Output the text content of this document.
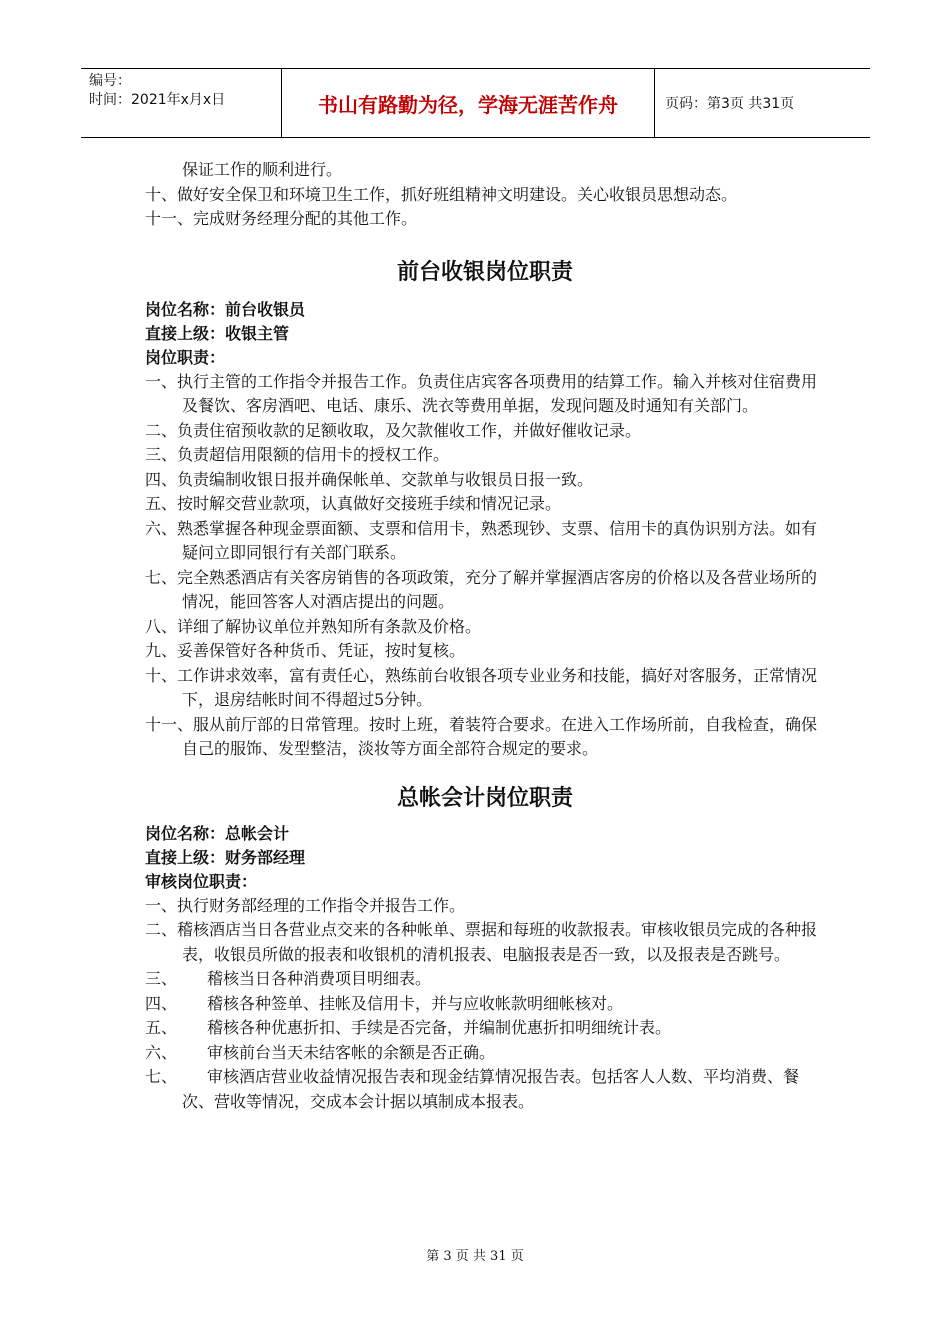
编号：
时间：2021年x月x日	书山有路勤为径，学海无涯苦作舟	页码：第3页 共31页

保证工作的顺利进行。

十、做好安全保卫和环境卫生工作，抓好班组精神文明建设。关心收银员思想动态。

十一、完成财务经理分配的其他工作。

前台收银岗位职责

岗位名称：前台收银员

直接上级：收银主管

岗位职责：

一、执行主管的工作指令并报告工作。负责住店宾客各项费用的结算工作。输入并核对住宿费用及餐饮、客房酒吧、电话、康乐、洗衣等费用单据，发现问题及时通知有关部门。

二、负责住宿预收款的足额收取，及欠款催收工作，并做好催收记录。

三、负责超信用限额的信用卡的授权工作。

四、负责编制收银日报并确保帐单、交款单与收银员日报一致。

五、按时解交营业款项，认真做好交接班手续和情况记录。

六、熟悉掌握各种现金票面额、支票和信用卡，熟悉现钞、支票、信用卡的真伪识别方法。如有疑问立即同银行有关部门联系。

七、完全熟悉酒店有关客房销售的各项政策，充分了解并掌握酒店客房的价格以及各营业场所的情况，能回答客人对酒店提出的问题。

八、详细了解协议单位并熟知所有条款及价格。

九、妥善保管好各种货币、凭证，按时复核。

十、工作讲求效率，富有责任心，熟练前台收银各项专业业务和技能，搞好对客服务，正常情况下，退房结帐时间不得超过5分钟。

十一、服从前厅部的日常管理。按时上班，着装符合要求。在进入工作场所前，自我检查，确保自己的服饰、发型整洁，淡妆等方面全部符合规定的要求。

总帐会计岗位职责

岗位名称：总帐会计

直接上级：财务部经理

审核岗位职责：

一、执行财务部经理的工作指令并报告工作。

二、稽核酒店当日各营业点交来的各种帐单、票据和每班的收款报表。审核收银员完成的各种报表，收银员所做的报表和收银机的清机报表、电脑报表是否一致，以及报表是否跳号。

三、 稽核当日各种消费项目明细表。

四、 稽核各种签单、挂帐及信用卡，并与应收帐款明细帐核对。

五、 稽核各种优惠折扣、手续是否完备，并编制优惠折扣明细统计表。

六、 审核前台当天未结客帐的余额是否正确。

七、 审核酒店营业收益情况报告表和现金结算情况报告表。包括客人人数、平均消费、餐次、营收等情况，交成本会计据以填制成本报表。

第 3 页 共 31 页
